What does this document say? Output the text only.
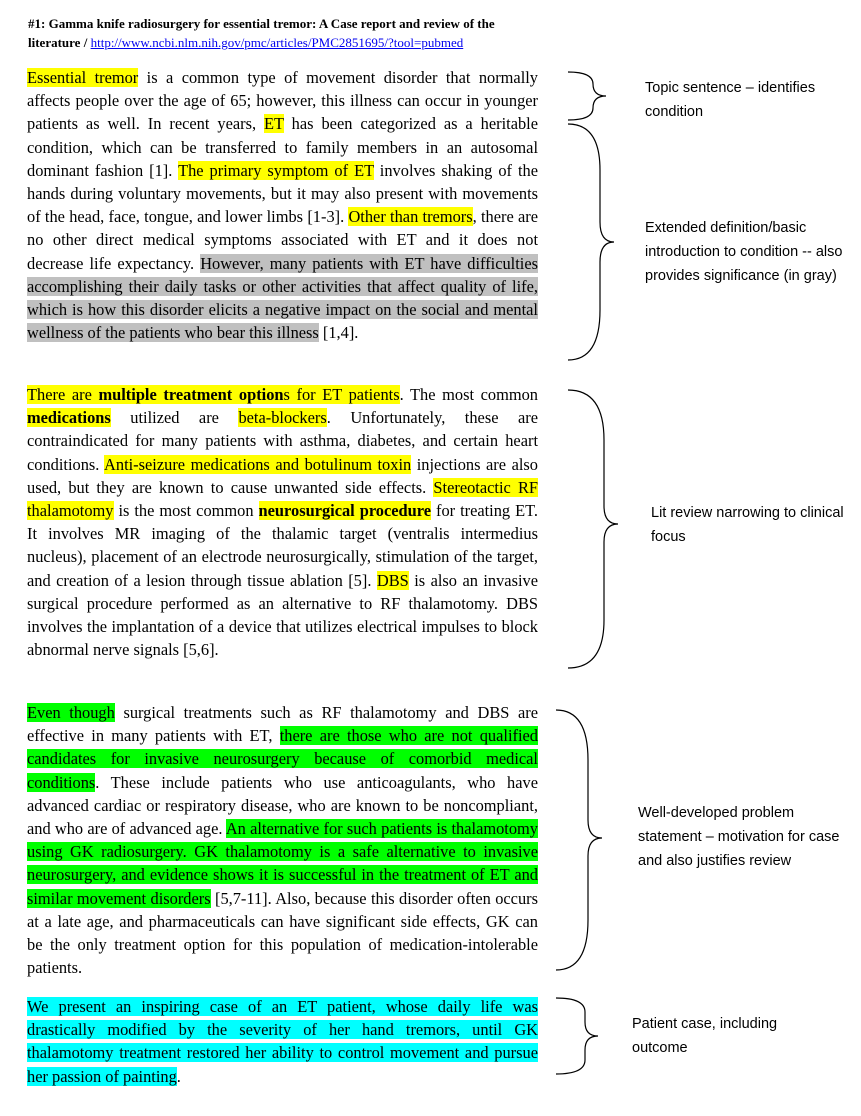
#1: Gamma knife radiosurgery for essential tremor: A Case report and review of the literature / http://www.ncbi.nlm.nih.gov/pmc/articles/PMC2851695/?tool=pubmed

Essential tremor is a common type of movement disorder that normally affects people over the age of 65; however, this illness can occur in younger patients as well. In recent years, ET has been categorized as a heritable condition, which can be transferred to family members in an autosomal dominant fashion [1]. The primary symptom of ET involves shaking of the hands during voluntary movements, but it may also present with movements of the head, face, tongue, and lower limbs [1-3]. Other than tremors, there are no other direct medical symptoms associated with ET and it does not decrease life expectancy. However, many patients with ET have difficulties accomplishing their daily tasks or other activities that affect quality of life, which is how this disorder elicits a negative impact on the social and mental wellness of the patients who bear this illness [1,4].

There are multiple treatment options for ET patients. The most common medications utilized are beta-blockers. Unfortunately, these are contraindicated for many patients with asthma, diabetes, and certain heart conditions. Anti-seizure medications and botulinum toxin injections are also used, but they are known to cause unwanted side effects. Stereotactic RF thalamotomy is the most common neurosurgical procedure for treating ET. It involves MR imaging of the thalamic target (ventralis intermedius nucleus), placement of an electrode neurosurgically, stimulation of the target, and creation of a lesion through tissue ablation [5]. DBS is also an invasive surgical procedure performed as an alternative to RF thalamotomy. DBS involves the implantation of a device that utilizes electrical impulses to block abnormal nerve signals [5,6].

Even though surgical treatments such as RF thalamotomy and DBS are effective in many patients with ET, there are those who are not qualified candidates for invasive neurosurgery because of comorbid medical conditions. These include patients who use anticoagulants, who have advanced cardiac or respiratory disease, who are known to be noncompliant, and who are of advanced age. An alternative for such patients is thalamotomy using GK radiosurgery. GK thalamotomy is a safe alternative to invasive neurosurgery, and evidence shows it is successful in the treatment of ET and similar movement disorders [5,7-11]. Also, because this disorder often occurs at a late age, and pharmaceuticals can have significant side effects, GK can be the only treatment option for this population of medication-intolerable patients.

We present an inspiring case of an ET patient, whose daily life was drastically modified by the severity of her hand tremors, until GK thalamotomy treatment restored her ability to control movement and pursue her passion of painting.

Topic sentence – identifies condition
Extended definition/basic introduction to condition -- also provides significance (in gray)
Lit review narrowing to clinical focus
Well-developed problem statement – motivation for case and also justifies review
Patient case, including outcome
